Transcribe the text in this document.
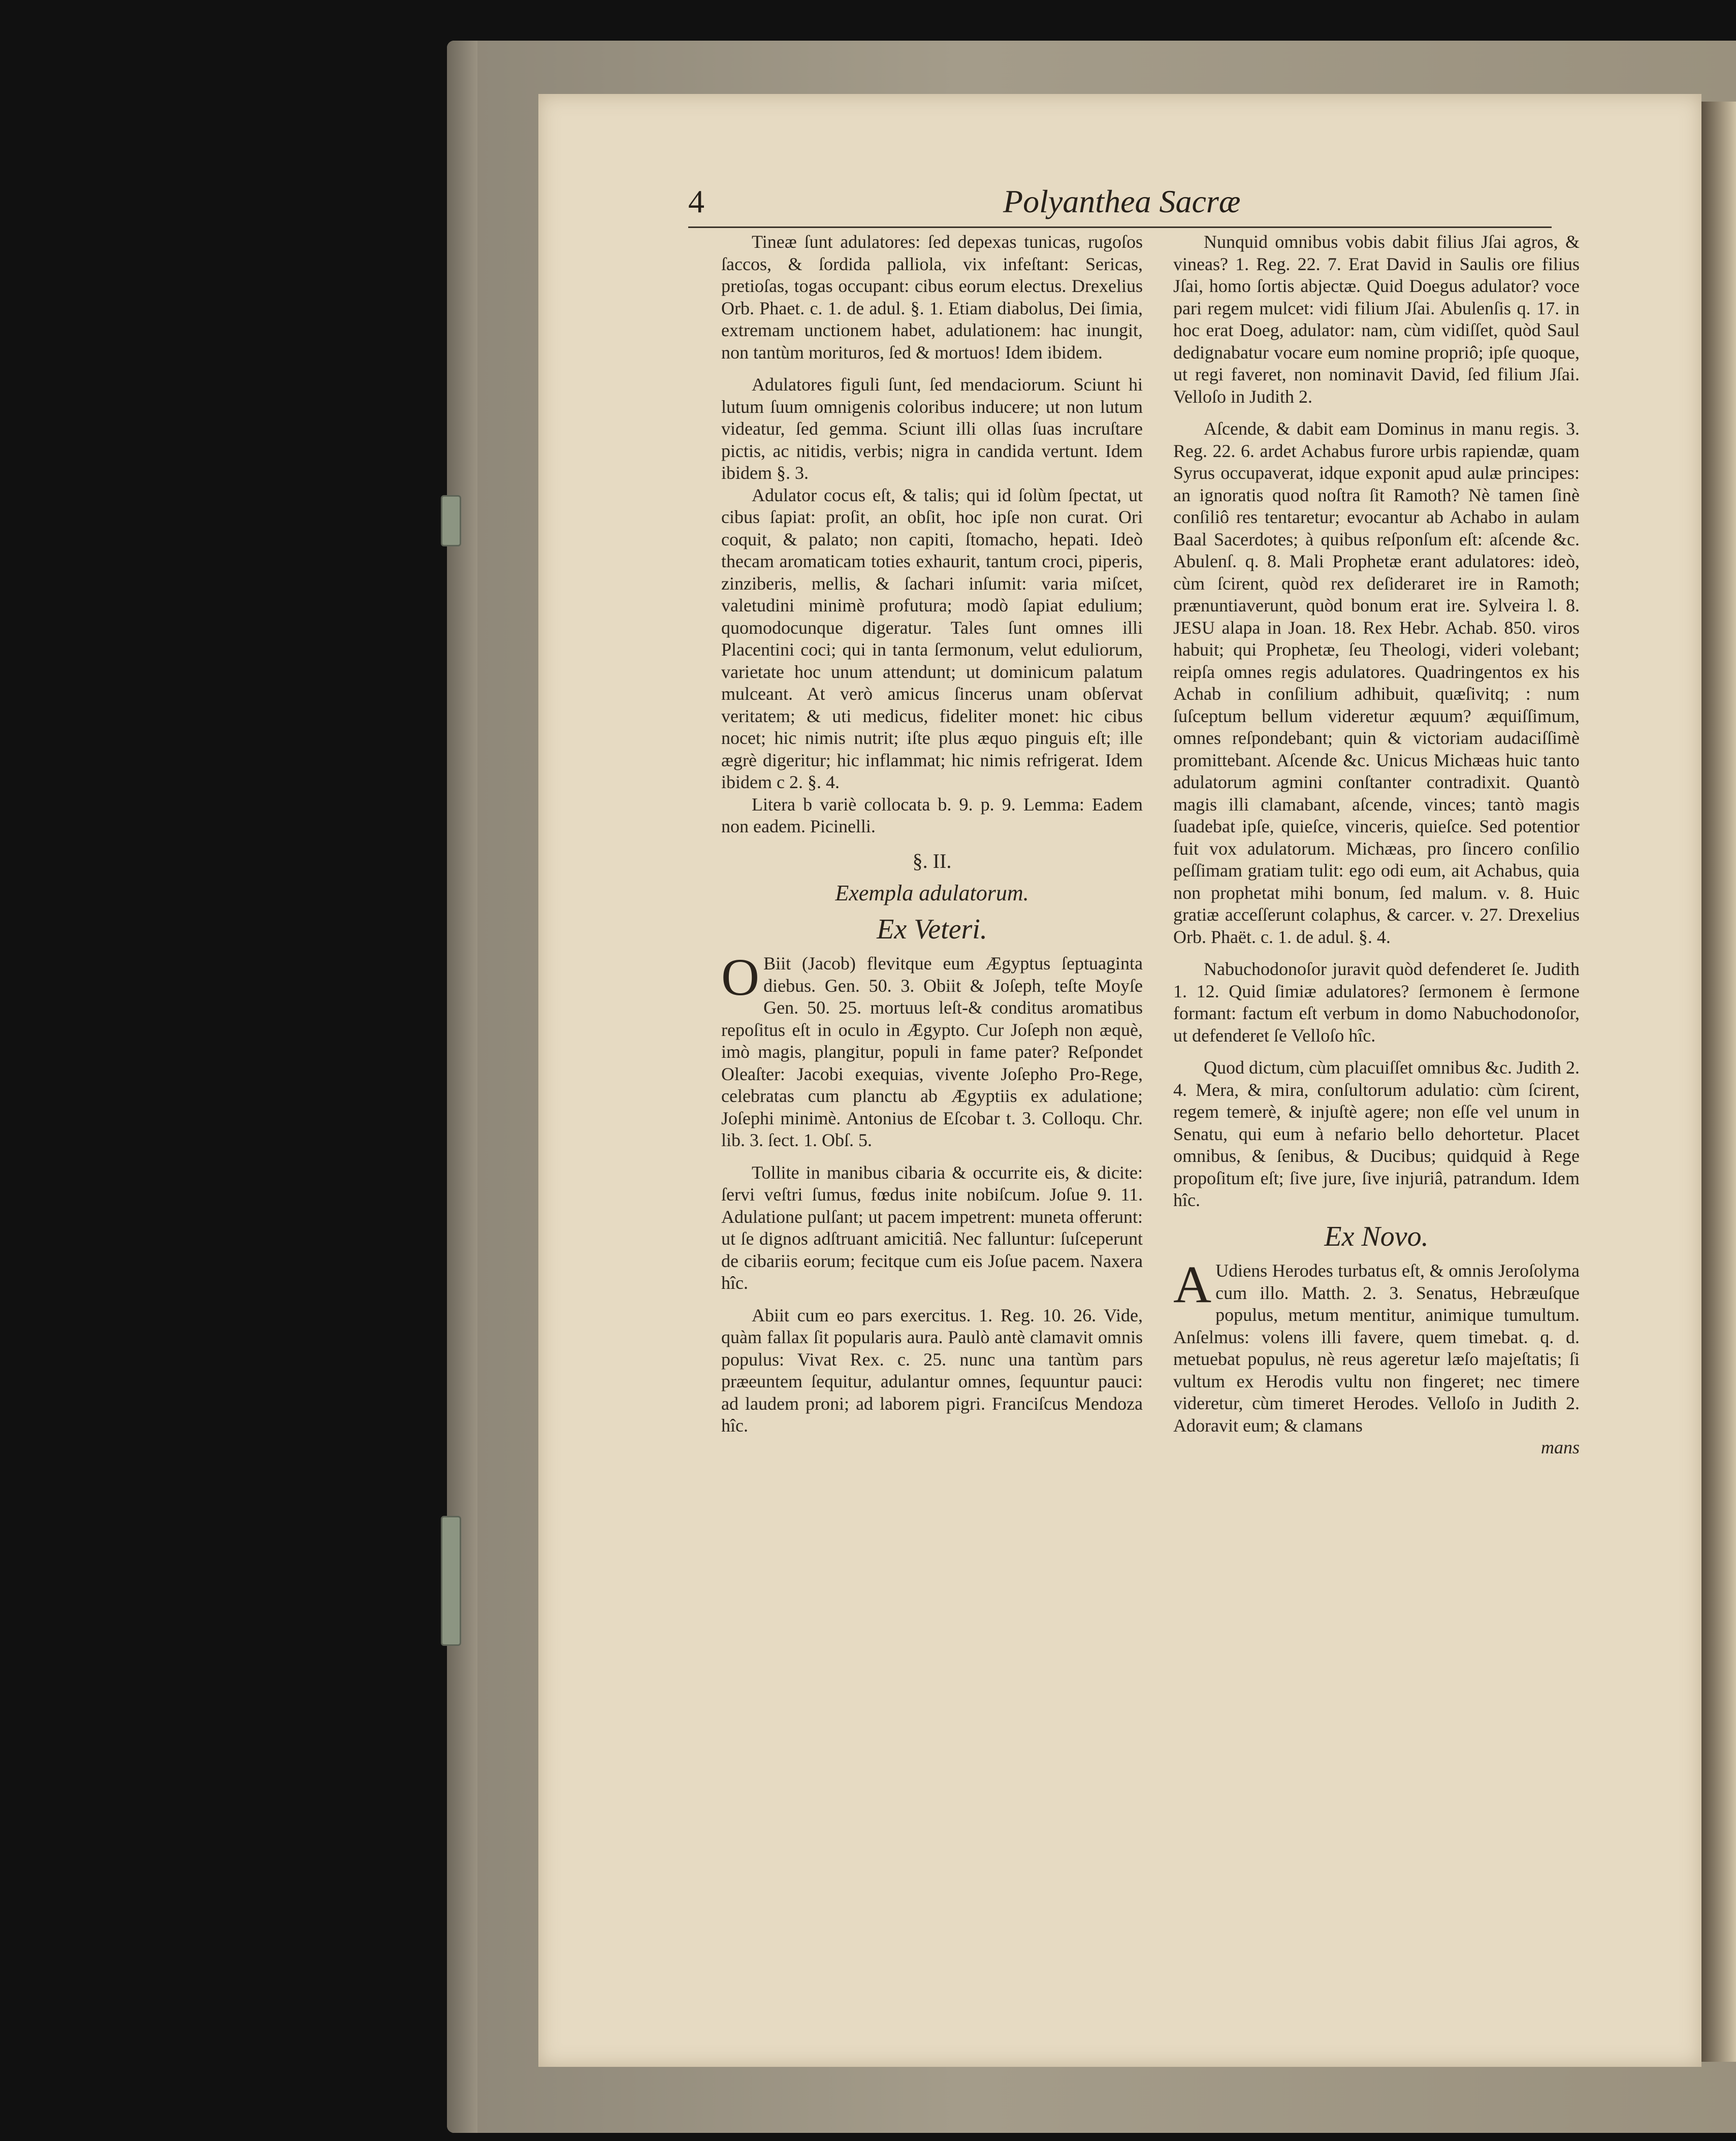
4	Polyanthea Sacræ

Tineæ ſunt adulatores: ſed depexas tunicas, rugoſos ſaccos, & ſordida palliola, vix infeſtant: Sericas, pretioſas, togas occupant: cibus eorum electus. Drexelius Orb. Phaet. c. 1. de adul. §. 1. Etiam diabolus, Dei ſimia, extremam unctionem habet, adulationem: hac inungit, non tantùm morituros, ſed & mortuos! Idem ibidem.

Adulatores figuli ſunt, ſed mendaciorum. Sciunt hi lutum ſuum omnigenis coloribus inducere; ut non lutum videatur, ſed gemma. Sciunt illi ollas ſuas incruſtare pictis, ac nitidis, verbis; nigra in candida vertunt. Idem ibidem §. 3.

Adulator cocus eſt, & talis; qui id ſolùm ſpectat, ut cibus ſapiat: proſit, an obſit, hoc ipſe non curat. Ori coquit, & palato; non capiti, ſtomacho, hepati. Ideò thecam aromaticam toties exhaurit, tantum croci, piperis, zinziberis, mellis, & ſachari inſumit: varia miſcet, valetudini minimè profutura; modò ſapiat edulium; quomodocunque digeratur. Tales ſunt omnes illi Placentini coci; qui in tanta ſermonum, velut eduliorum, varietate hoc unum attendunt; ut dominicum palatum mulceant. At verò amicus ſincerus unam obſervat veritatem; & uti medicus, fideliter monet: hic cibus nocet; hic nimis nutrit; iſte plus æquo pinguis eſt; ille ægrè digeritur; hic inflammat; hic nimis refrigerat. Idem ibidem c 2. §. 4.

Litera b variè collocata b. 9. p. 9. Lemma: Eadem non eadem. Picinelli.

§. II.

Exempla adulatorum.

Ex Veteri.

O Biit (Jacob) flevitque eum Ægyptus ſeptuaginta diebus. Gen. 50. 3. Obiit & Joſeph, teſte Moyſe Gen. 50. 25. mortuus leſt-& conditus aromatibus repoſitus eſt in oculo in Ægypto. Cur Joſeph non æquè, imò magis, plangitur, populi in fame pater? Reſpondet Oleaſter: Jacobi exequias, vivente Joſepho Pro-Rege, celebratas cum planctu ab Ægyptiis ex adulatione; Joſephi minimè. Antonius de Eſcobar t. 3. Colloqu. Chr. lib. 3. ſect. 1. Obſ. 5.

Tollite in manibus cibaria & occurrite eis, & dicite: ſervi veſtri ſumus, fœdus inite nobiſcum. Joſue 9. 11. Adulatione pulſant; ut pacem impetrent: muneta offerunt: ut ſe dignos adſtruant amicitiâ. Nec falluntur: ſuſceperunt de cibariis eorum; fecitque cum eis Joſue pacem. Naxera hîc.

Abiit cum eo pars exercitus. 1. Reg. 10. 26. Vide, quàm fallax ſit popularis aura. Paulò antè clamavit omnis populus: Vivat Rex. c. 25. nunc una tantùm pars præeuntem ſequitur, adulantur omnes, ſequuntur pauci: ad laudem proni; ad laborem pigri. Franciſcus Mendoza hîc.

Nunquid omnibus vobis dabit filius Jſai agros, & vineas? 1. Reg. 22. 7. Erat David in Saulis ore filius Jſai, homo ſortis abjectæ. Quid Doegus adulator? voce pari regem mulcet: vidi filium Jſai. Abulenſis q. 17. in hoc erat Doeg, adulator: nam, cùm vidiſſet, quòd Saul dedignabatur vocare eum nomine propriô; ipſe quoque, ut regi faveret, non nominavit David, ſed filium Jſai. Velloſo in Judith 2.

Aſcende, & dabit eam Dominus in manu regis. 3. Reg. 22. 6. ardet Achabus furore urbis rapiendæ, quam Syrus occupaverat, idque exponit apud aulæ principes: an ignoratis quod noſtra ſit Ramoth? Nè tamen ſinè conſiliô res tentaretur; evocantur ab Achabo in aulam Baal Sacerdotes; à quibus reſponſum eſt: aſcende &c. Abulenſ. q. 8. Mali Prophetæ erant adulatores: ideò, cùm ſcirent, quòd rex deſideraret ire in Ramoth; prænuntiaverunt, quòd bonum erat ire. Sylveira l. 8. JESU alapa in Joan. 18. Rex Hebr. Achab. 850. viros habuit; qui Prophetæ, ſeu Theologi, videri volebant; reipſa omnes regis adulatores. Quadringentos ex his Achab in conſilium adhibuit, quæſivitq; : num ſuſceptum bellum videretur æquum? æquiſſimum, omnes reſpondebant; quin & victoriam audaciſſimè promittebant. Aſcende &c. Unicus Michæas huic tanto adulatorum agmini conſtanter contradixit. Quantò magis illi clamabant, aſcende, vinces; tantò magis ſuadebat ipſe, quieſce, vinceris, quieſce. Sed potentior fuit vox adulatorum. Michæas, pro ſincero conſilio peſſimam gratiam tulit: ego odi eum, ait Achabus, quia non prophetat mihi bonum, ſed malum. v. 8. Huic gratiæ acceſſerunt colaphus, & carcer. v. 27. Drexelius Orb. Phaët. c. 1. de adul. §. 4.

Nabuchodonoſor juravit quòd defenderet ſe. Judith 1. 12. Quid ſimiæ adulatores? ſermonem è ſermone formant: factum eſt verbum in domo Nabuchodonoſor, ut defenderet ſe Velloſo hîc.

Quod dictum, cùm placuiſſet omnibus &c. Judith 2. 4. Mera, & mira, conſultorum adulatio: cùm ſcirent, regem temerè, & injuſtè agere; non eſſe vel unum in Senatu, qui eum à nefario bello dehortetur. Placet omnibus, & ſenibus, & Ducibus; quidquid à Rege propoſitum eſt; ſive jure, ſive injuriâ, patrandum. Idem hîc.

Ex Novo.

A Udiens Herodes turbatus eſt, & omnis Jeroſolyma cum illo. Matth. 2. 3. Senatus, Hebræuſque populus, metum mentitur, animique tumultum. Anſelmus: volens illi favere, quem timebat. q. d. metuebat populus, nè reus ageretur læſo majeſtatis; ſi vultum ex Herodis vultu non fingeret; nec timere videretur, cùm timeret Herodes. Velloſo in Judith 2. Adoravit eum; & clamans

mans
